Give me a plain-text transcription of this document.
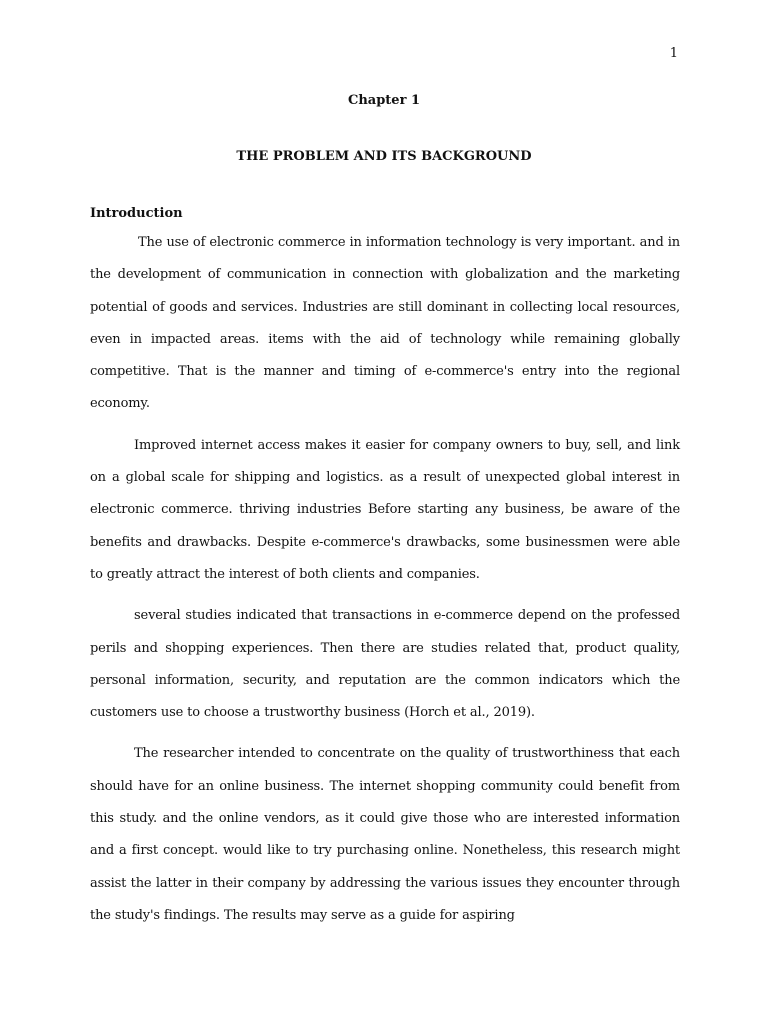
1
Chapter 1
THE PROBLEM AND ITS BACKGROUND
Introduction

The use of electronic commerce in information technology is very important. and in the development of communication in connection with globalization and the marketing potential of goods and services. Industries are still dominant in collecting local resources, even in impacted areas. items with the aid of technology while remaining globally competitive. That is the manner and timing of e-commerce's entry into the regional economy.

Improved internet access makes it easier for company owners to buy, sell, and link on a global scale for shipping and logistics. as a result of unexpected global interest in electronic commerce. thriving industries Before starting any business, be aware of the benefits and drawbacks. Despite e-commerce's drawbacks, some businessmen were able to greatly attract the interest of both clients and companies.

several studies indicated that transactions in e-commerce depend on the professed perils and shopping experiences. Then there are studies related that, product quality, personal information, security, and reputation are the common indicators which the customers use to choose a trustworthy business (Horch et al., 2019).

The researcher intended to concentrate on the quality of trustworthiness that each should have for an online business. The internet shopping community could benefit from this study. and the online vendors, as it could give those who are interested information and a first concept. would like to try purchasing online. Nonetheless, this research might assist the latter in their company by addressing the various issues they encounter through the study's findings. The results may serve as a guide for aspiring
